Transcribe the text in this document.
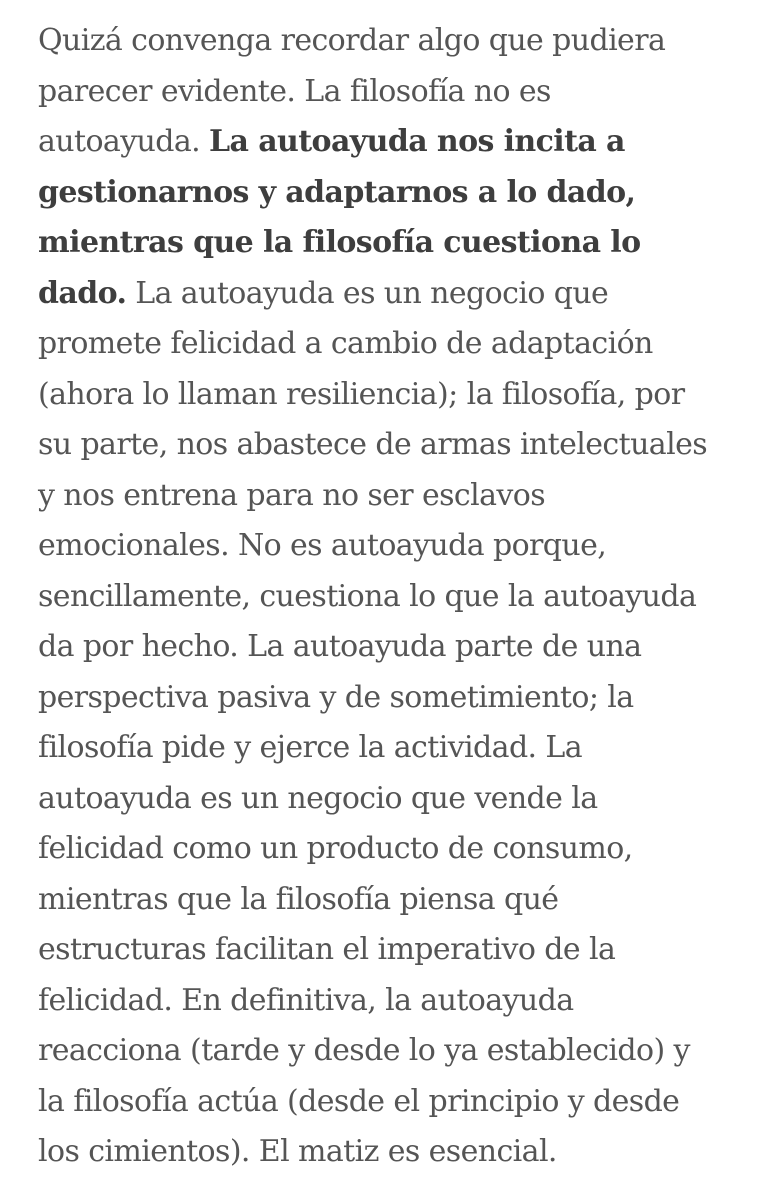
Quizá convenga recordar algo que pudiera
parecer evidente. La filosofía no es
autoayuda. La autoayuda nos incita a
gestionarnos y adaptarnos a lo dado,
mientras que la filosofía cuestiona lo
dado. La autoayuda es un negocio que
promete felicidad a cambio de adaptación
(ahora lo llaman resiliencia); la filosofía, por
su parte, nos abastece de armas intelectuales
y nos entrena para no ser esclavos
emocionales. No es autoayuda porque,
sencillamente, cuestiona lo que la autoayuda
da por hecho. La autoayuda parte de una
perspectiva pasiva y de sometimiento; la
filosofía pide y ejerce la actividad. La
autoayuda es un negocio que vende la
felicidad como un producto de consumo,
mientras que la filosofía piensa qué
estructuras facilitan el imperativo de la
felicidad. En definitiva, la autoayuda
reacciona (tarde y desde lo ya establecido) y
la filosofía actúa (desde el principio y desde
los cimientos). El matiz es esencial.
